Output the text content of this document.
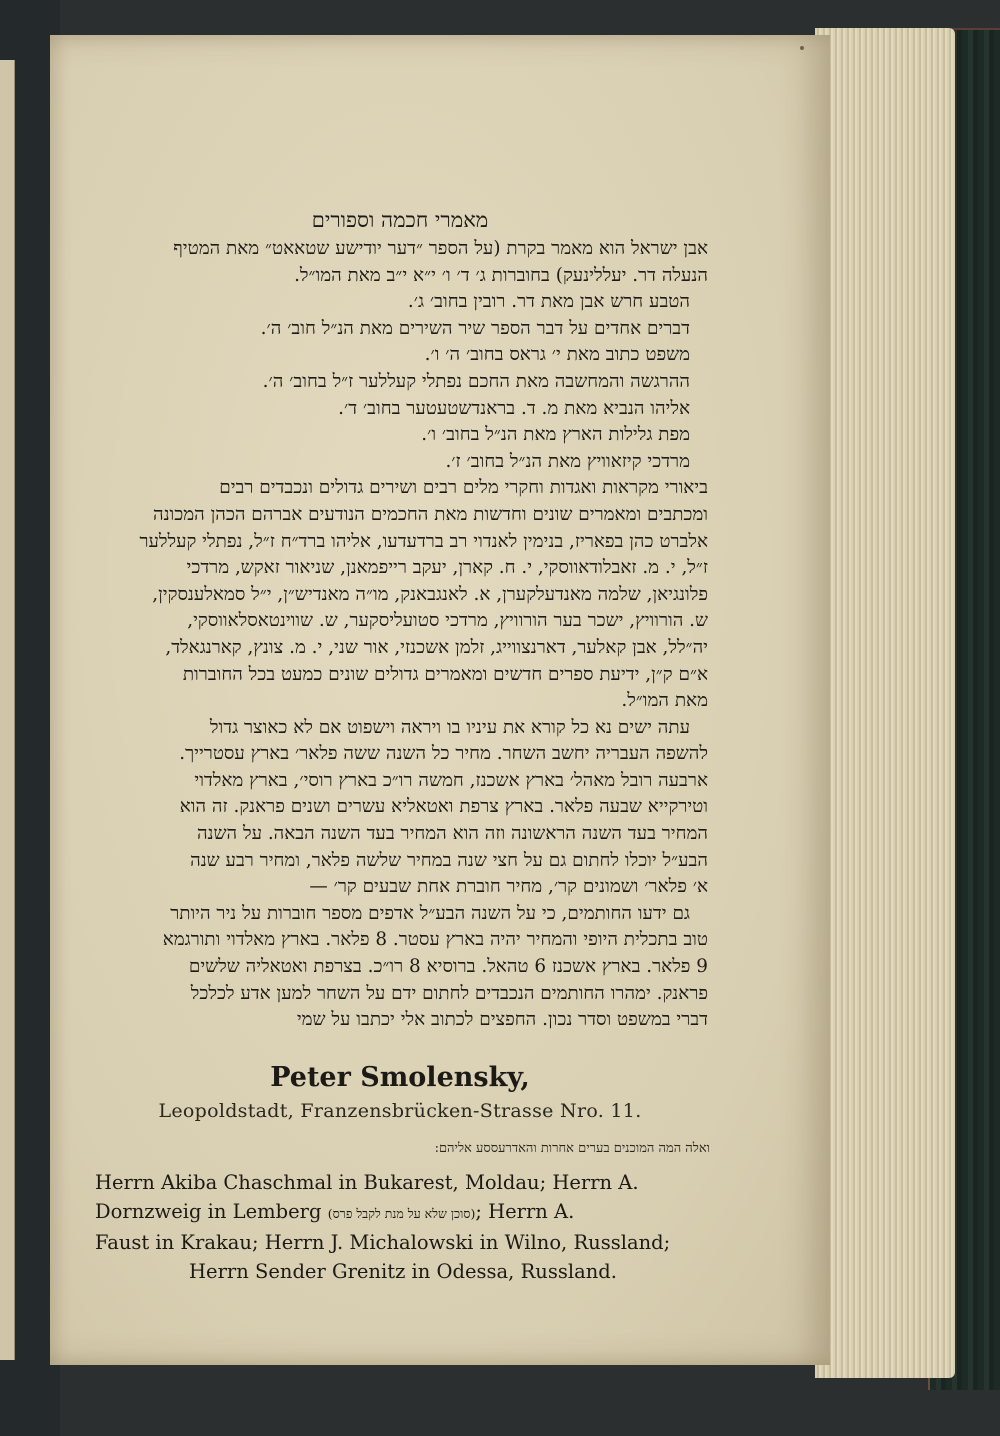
מאמרי חכמה וספורים

אבן ישראל הוא מאמר בקרת (על הספר ״דער יודישע שטאאט״ מאת המטיף

הנעלה דר. יעללינעק) בחוברות ג׳ ד׳ ו׳ י״א י״ב מאת המו״ל.

הטבע חרש אבן מאת דר. רובין בחוב׳ ג׳.

דברים אחדים על דבר הספר שיר השירים מאת הנ״ל חוב׳ ה׳.

משפט כתוב מאת י׳ גראס בחוב׳ ה׳ ו׳.

ההרגשה והמחשבה מאת החכם נפתלי קעללער ז״ל בחוב׳ ה׳.

אליהו הנביא מאת מ. ד. בראנדשטעטער בחוב׳ ד׳.

מפת גלילות הארץ מאת הנ״ל בחוב׳ ו׳.

מרדכי קיזאוויץ מאת הנ״ל בחוב׳ ז׳.

ביאורי מקראות ואגדות וחקרי מלים רבים ושירים גדולים ונכבדים רבים

ומכתבים ומאמרים שונים וחדשות מאת החכמים הנודעים אברהם הכהן המכונה

אלברט כהן בפאריז, בנימין לאנדוי רב ברדעדעו, אליהו ברד״ח ז״ל, נפתלי קעללער

ז״ל, י. מ. זאבלודאווסקי, י. ח. קארן, יעקב רייפמאנן, שניאור זאקש, מרדכי

פלונגיאן, שלמה מאנדעלקערן, א. לאנגבאנק, מו״ה מאנדיש״ן, י״ל סמאלענסקין,

ש. הורוויץ, ישכר בער הורוויץ, מרדכי סטועליסקער, ש. שווינטאסלאווסקי,

יה״לל, אבן קאלער, דארנצווייג, זלמן אשכנזי, אור שני, י. מ. צונץ, קארנגאלד,

א״ם ק״ן, ידיעת ספרים חדשים ומאמרים גדולים שונים כמעט בכל החוברות

מאת המו״ל.

עתה ישים נא כל קורא את עיניו בו ויראה וישפוט אם לא כאוצר גדול

להשפה העבריה יחשב השחר. מחיר כל השנה ששה פלאר׳ בארץ עסטרייך.

ארבעה רובל מאהל׳ בארץ אשכנז, חמשה רו״כ בארץ רוסי׳, בארץ מאלדוי

וטירקייא שבעה פלאר. בארץ צרפת ואטאליא עשרים ושנים פראנק. זה הוא

המחיר בעד השנה הראשונה וזה הוא המחיר בעד השנה הבאה. על השנה

הבע״ל יוכלו לחתום גם על חצי שנה במחיר שלשה פלאר, ומחיר רבע שנה

א׳ פלאר׳ ושמונים קר׳, מחיר חוברת אחת שבעים קר׳ —

גם ידעו החותמים, כי על השנה הבע״ל אדפים מספר חוברות על ניר היותר

טוב בתכלית היופי והמחיר יהיה בארץ עסטר. 8 פלאר. בארץ מאלדוי ותורגמא

9 פלאר. בארץ אשכנז 6 טהאל. ברוסיא 8 רו״כ. בצרפת ואטאליה שלשים

פראנק. ימהרו החותמים הנכבדים לחתום ידם על השחר למען אדע לכלכל

דברי במשפט וסדר נכון. החפצים לכתוב אלי יכתבו על שמי

Peter Smolensky,
Leopoldstadt, Franzensbrücken-Strasse Nro. 11.
ואלה המה המוכנים בערים אחרות והאדרעססע אליהם:

Herrn Akiba Chaschmal in Bukarest, Moldau; Herrn A.

Dornzweig in Lemberg (סוכן שלא על מנת לקבל פרס); Herrn A.

Faust in Krakau; Herrn J. Michalowski in Wilno, Russland;

Herrn Sender Grenitz in Odessa, Russland.
